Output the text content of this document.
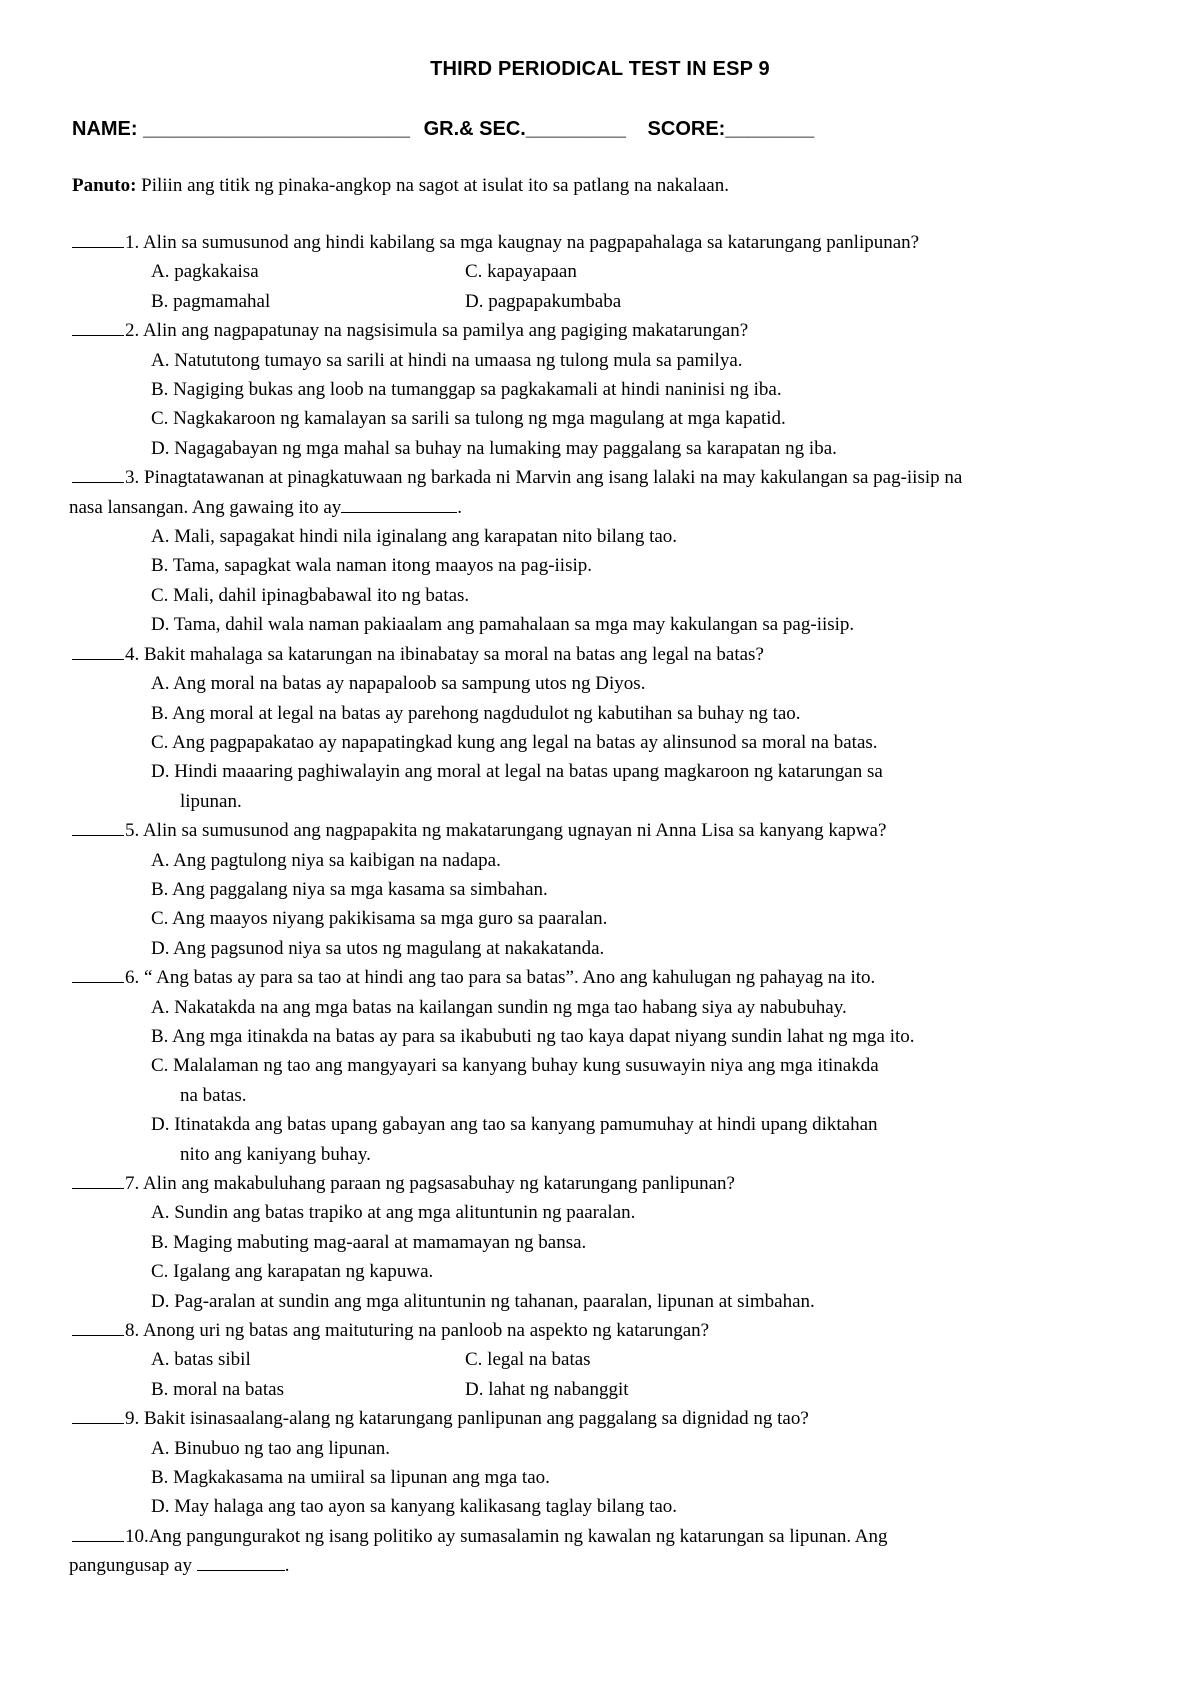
THIRD PERIODICAL TEST IN ESP 9
NAME: ________________________ GR.& SEC._________ SCORE:________
Panuto: Piliin ang titik ng pinaka-angkop na sagot at isulat ito sa patlang na nakalaan.
1. Alin sa sumusunod ang hindi kabilang sa mga kaugnay na pagpapahalaga sa katarungang panlipunan?
A. pagkakaisa	C. kapayapaan
B. pagmamahal	D. pagpapakumbaba
2. Alin ang nagpapatunay na nagsisimula sa pamilya ang pagiging makatarungan?
A. Natututong tumayo sa sarili at hindi na umaasa ng tulong mula sa pamilya.
B. Nagiging bukas ang loob na tumanggap sa pagkakamali at hindi naninisi ng iba.
C. Nagkakaroon ng kamalayan sa sarili sa tulong ng mga magulang at mga kapatid.
D. Nagagabayan ng mga mahal sa buhay na lumaking may paggalang sa karapatan ng iba.
3. Pinagtatawanan at pinagkatuwaan ng barkada ni Marvin ang isang lalaki na may kakulangan sa pag-iisip na
nasa lansangan. Ang gawaing ito ay	.
A. Mali, sapagakat hindi nila iginalang ang karapatan nito bilang tao.
B. Tama, sapagkat wala naman itong maayos na pag-iisip.
C. Mali, dahil ipinagbabawal ito ng batas.
D. Tama, dahil wala naman pakiaalam ang pamahalaan sa mga may kakulangan sa pag-iisip.
4. Bakit mahalaga sa katarungan na ibinabatay sa moral na batas ang legal na batas?
A. Ang moral na batas ay napapaloob sa sampung utos ng Diyos.
B. Ang moral at legal na batas ay parehong nagdudulot ng kabutihan sa buhay ng tao.
C. Ang pagpapakatao ay napapatingkad kung ang legal na batas ay alinsunod sa moral na batas.
D. Hindi maaaring paghiwalayin ang moral at legal na batas upang magkaroon ng katarungan sa lipunan.
5. Alin sa sumusunod ang nagpapakita ng makatarungang ugnayan ni Anna Lisa sa kanyang kapwa?
A. Ang pagtulong niya sa kaibigan na nadapa.
B. Ang paggalang niya sa mga kasama sa simbahan.
C. Ang maayos niyang pakikisama sa mga guro sa paaralan.
D. Ang pagsunod niya sa utos ng magulang at nakakatanda.
6. “ Ang batas ay para sa tao at hindi ang tao para sa batas”. Ano ang kahulugan ng pahayag na ito.
A. Nakatakda na ang mga batas na kailangan sundin ng mga tao habang siya ay nabubuhay.
B. Ang mga itinakda na batas ay para sa ikabubuti ng tao kaya dapat niyang sundin lahat ng mga ito.
C. Malalaman ng tao ang mangyayari sa kanyang buhay kung susuwayin niya ang mga itinakda na batas.
D. Itinatakda ang batas upang gabayan ang tao sa kanyang pamumuhay at hindi upang diktahan nito ang kaniyang buhay.
7. Alin ang makabuluhang paraan ng pagsasabuhay ng katarungang panlipunan?
A. Sundin ang batas trapiko at ang mga alituntunin ng paaralan.
B. Maging mabuting mag-aaral at mamamayan ng bansa.
C. Igalang ang karapatan ng kapuwa.
D. Pag-aralan at sundin ang mga alituntunin ng tahanan, paaralan, lipunan at simbahan.
8. Anong uri ng batas ang maituturing na panloob na aspekto ng katarungan?
A. batas sibil	C. legal na batas
B. moral na batas	D. lahat ng nabanggit
9. Bakit isinasaalang-alang ng katarungang panlipunan ang paggalang sa dignidad ng tao?
A. Binubuo ng tao ang lipunan.
B. Magkakasama na umiiral sa lipunan ang mga tao.
D. May halaga ang tao ayon sa kanyang kalikasang taglay bilang tao.
10.Ang pangungurakot ng isang politiko ay sumasalamin ng kawalan ng katarungan sa lipunan. Ang
pangungusap ay	.
